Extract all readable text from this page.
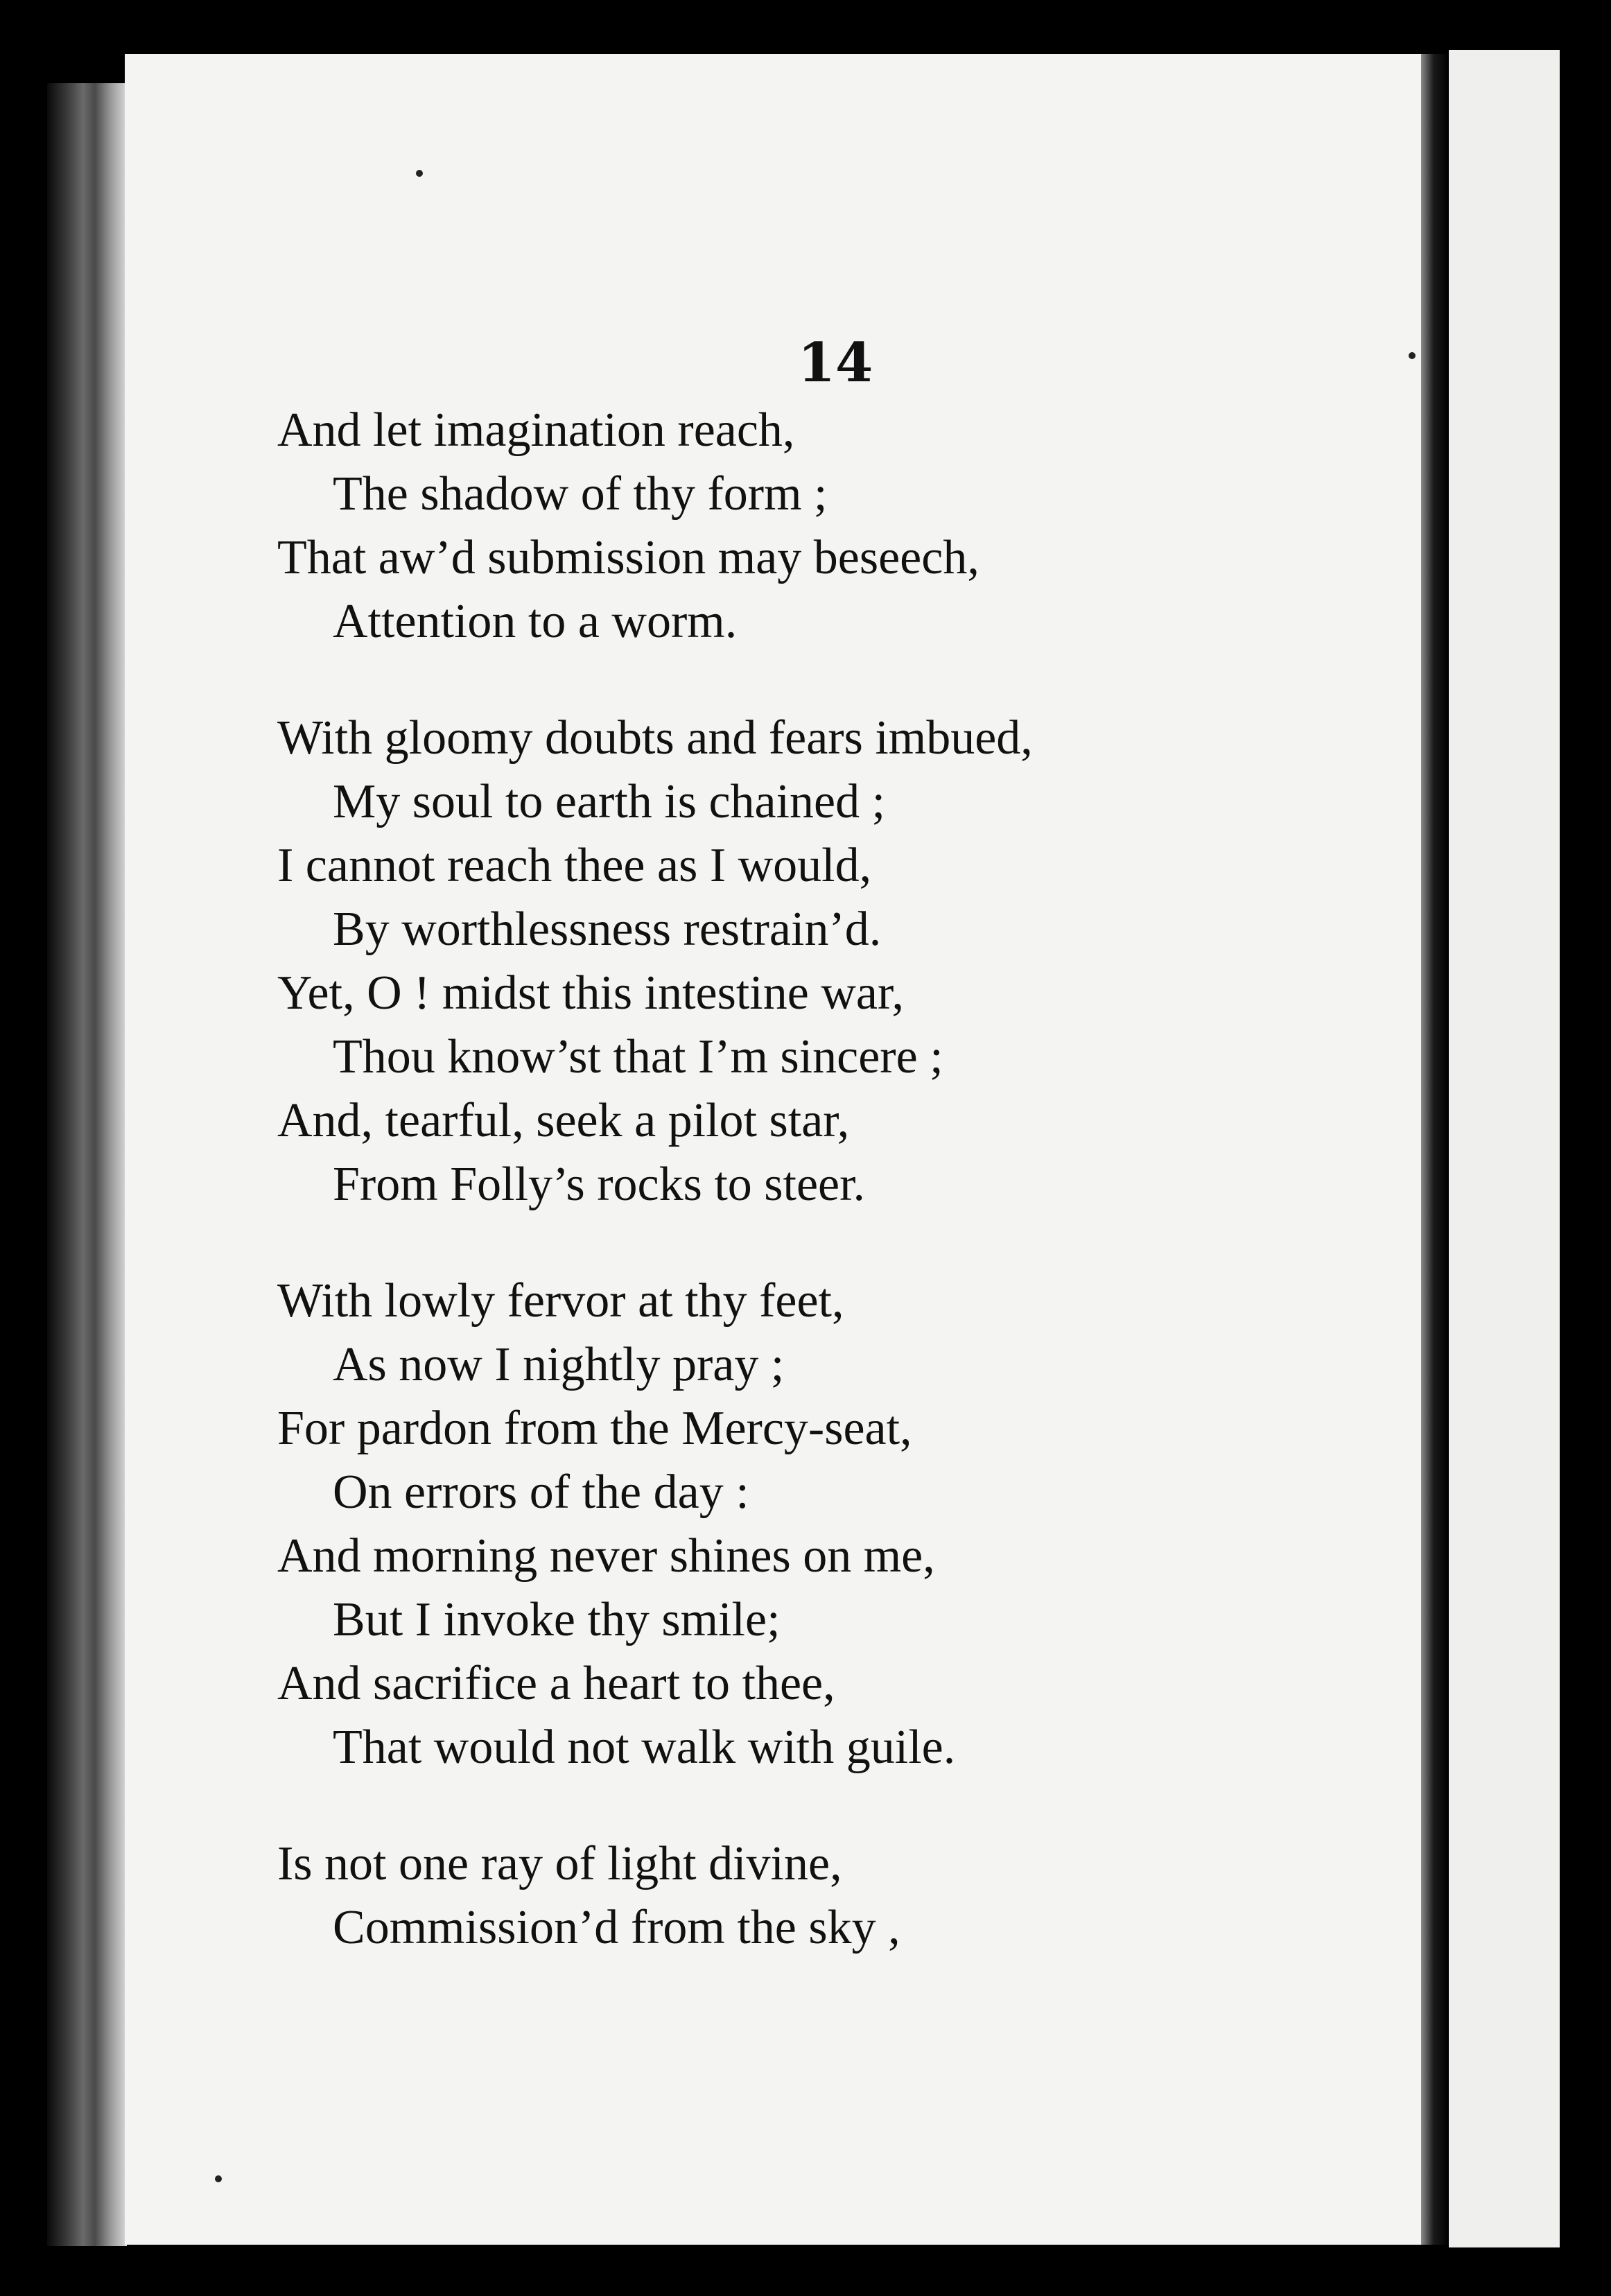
14
And let imagination reach,
The shadow of thy form ;
That aw’d submission may beseech,
Attention to a worm.
With gloomy doubts and fears imbued,
My soul to earth is chained ;
I cannot reach thee as I would,
By worthlessness restrain’d.
Yet, O ! midst this intestine war,
Thou know’st that I’m sincere ;
And, tearful, seek a pilot star,
From Folly’s rocks to steer.
With lowly fervor at thy feet,
As now I nightly pray ;
For pardon from the Mercy-seat,
On errors of the day :
And morning never shines on me,
But I invoke thy smile;
And sacrifice a heart to thee,
That would not walk with guile.
Is not one ray of light divine,
Commission’d from the sky ,
